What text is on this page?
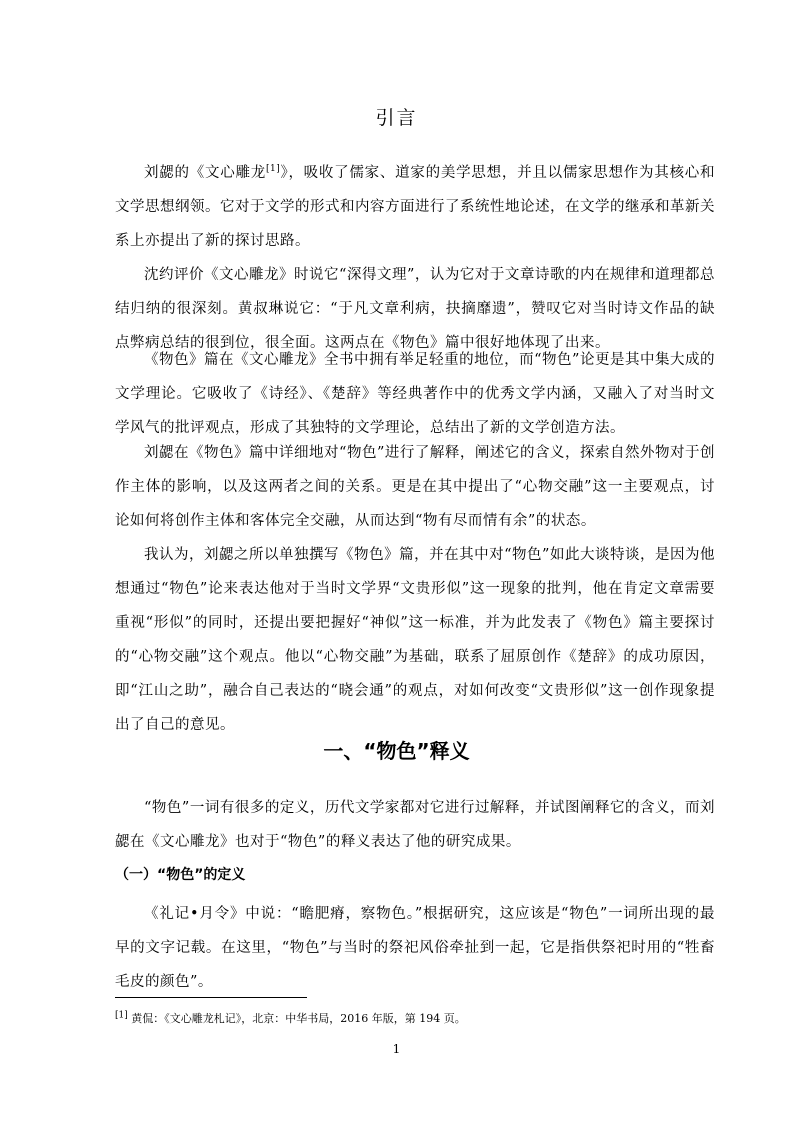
引言
刘勰的《文心雕龙[1]》，吸收了儒家、道家的美学思想，并且以儒家思想作为其核心和文学思想纲领。它对于文学的形式和内容方面进行了系统性地论述，在文学的继承和革新关系上亦提出了新的探讨思路。
沈约评价《文心雕龙》时说它“深得文理”，认为它对于文章诗歌的内在规律和道理都总结归纳的很深刻。黄叔琳说它：“于凡文章利病，抉摘靡遗”，赞叹它对当时诗文作品的缺点弊病总结的很到位，很全面。这两点在《物色》篇中很好地体现了出来。
《物色》篇在《文心雕龙》全书中拥有举足轻重的地位，而“物色”论更是其中集大成的文学理论。它吸收了《诗经》、《楚辞》等经典著作中的优秀文学内涵，又融入了对当时文学风气的批评观点，形成了其独特的文学理论，总结出了新的文学创造方法。
刘勰在《物色》篇中详细地对“物色”进行了解释，阐述它的含义，探索自然外物对于创作主体的影响，以及这两者之间的关系。更是在其中提出了“心物交融”这一主要观点，讨论如何将创作主体和客体完全交融，从而达到“物有尽而情有余”的状态。
我认为，刘勰之所以单独撰写《物色》篇，并在其中对“物色”如此大谈特谈，是因为他想通过“物色”论来表达他对于当时文学界“文贵形似”这一现象的批判，他在肯定文章需要重视“形似”的同时，还提出要把握好“神似”这一标准，并为此发表了《物色》篇主要探讨的“心物交融”这个观点。他以“心物交融”为基础，联系了屈原创作《楚辞》的成功原因，即“江山之助”，融合自己表达的“晓会通”的观点，对如何改变“文贵形似”这一创作现象提出了自己的意见。
一、“物色”释义
“物色”一词有很多的定义，历代文学家都对它进行过解释，并试图阐释它的含义，而刘勰在《文心雕龙》也对于“物色”的释义表达了他的研究成果。
（一）“物色”的定义
《礼记•月令》中说：“瞻肥瘠，察物色。”根据研究，这应该是“物色”一词所出现的最早的文字记载。在这里，“物色”与当时的祭祀风俗牵扯到一起，它是指供祭祀时用的“牲畜毛皮的颜色”。
[1] 黄侃：《文心雕龙札记》，北京：中华书局，2016 年版，第 194 页。
1
